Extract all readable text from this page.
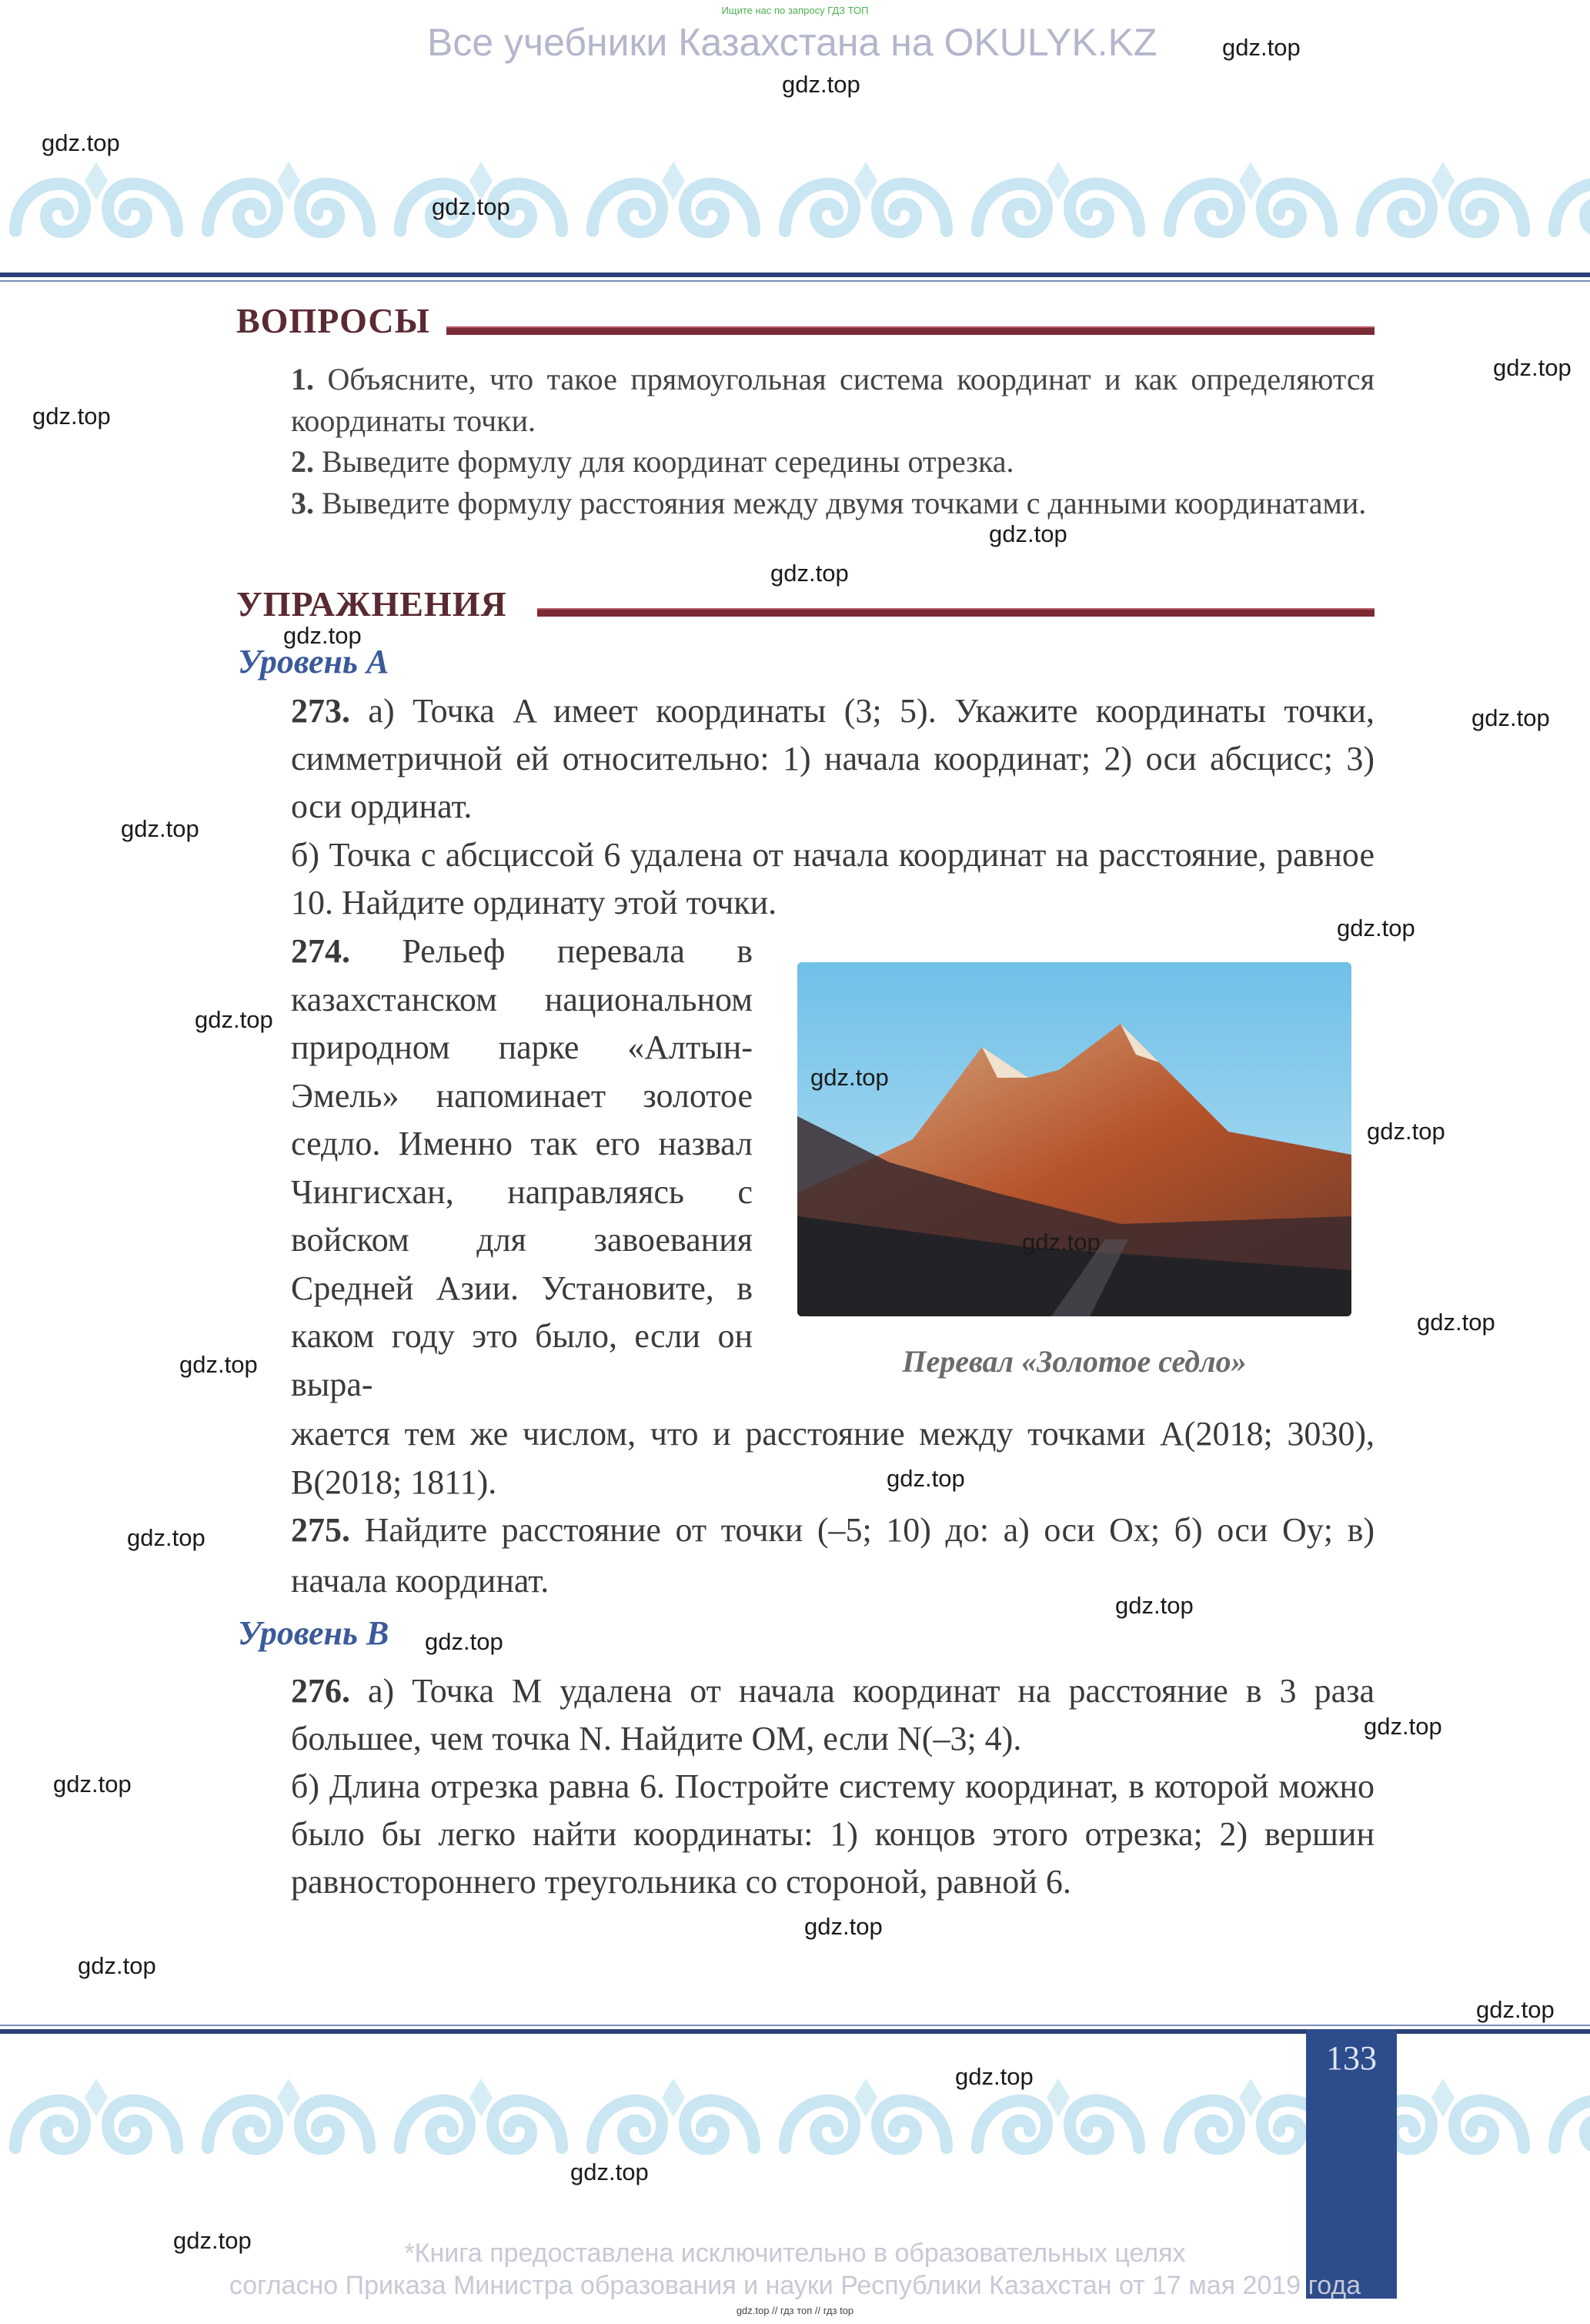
Ищите нас по запросу ГДЗ ТОП
Все учебники Казахстана на OKULYK.KZ
ВОПРОСЫ
1. Объясните, что такое прямоугольная система координат и как определяются координаты точки.
2. Выведите формулу для координат середины отрезка.
3. Выведите формулу расстояния между двумя точками с данными координатами.
УПРАЖНЕНИЯ
Уровень А
273. а) Точка A имеет координаты (3; 5). Укажите координаты точки, симметричной ей относительно: 1) начала координат; 2) оси абсцисс; 3) оси ординат.
б) Точка с абсциссой 6 удалена от начала координат на расстояние, равное 10. Найдите ординату этой точки.
274. Рельеф перевала в казахстанском национальном природном парке «Алтын-Эмель» напоминает золотое седло. Именно так его назвал Чингисхан, направляясь с войском для завоевания Средней Азии. Установите, в каком году это было, если он выра-
Перевал «Золотое седло»
жается тем же числом, что и расстояние между точками A(2018; 3030), B(2018; 1811).
275. Найдите расстояние от точки (–5; 10) до: а) оси Ox; б) оси Oy; в) начала координат.
Уровень В
276. а) Точка M удалена от начала координат на расстояние в 3 раза большее, чем точка N. Найдите OM, если N(–3; 4).
б) Длина отрезка равна 6. Постройте систему координат, в которой можно было бы легко найти координаты: 1) концов этого отрезка; 2) вершин равностороннего треугольника со стороной, равной 6.
133
*Книга предоставлена исключительно в образовательных целях
согласно Приказа Министра образования и науки Республики Казахстан от 17 мая 2019 года
gdz.top // гдз топ // гдз top
gdz.top
gdz.top
gdz.top
gdz.top
gdz.top
gdz.top
gdz.top
gdz.top
gdz.top
gdz.top
gdz.top
gdz.top
gdz.top
gdz.top
gdz.top
gdz.top
gdz.top
gdz.top
gdz.top
gdz.top
gdz.top
gdz.top
gdz.top
gdz.top
gdz.top
gdz.top
gdz.top
gdz.top
gdz.top
gdz.top
